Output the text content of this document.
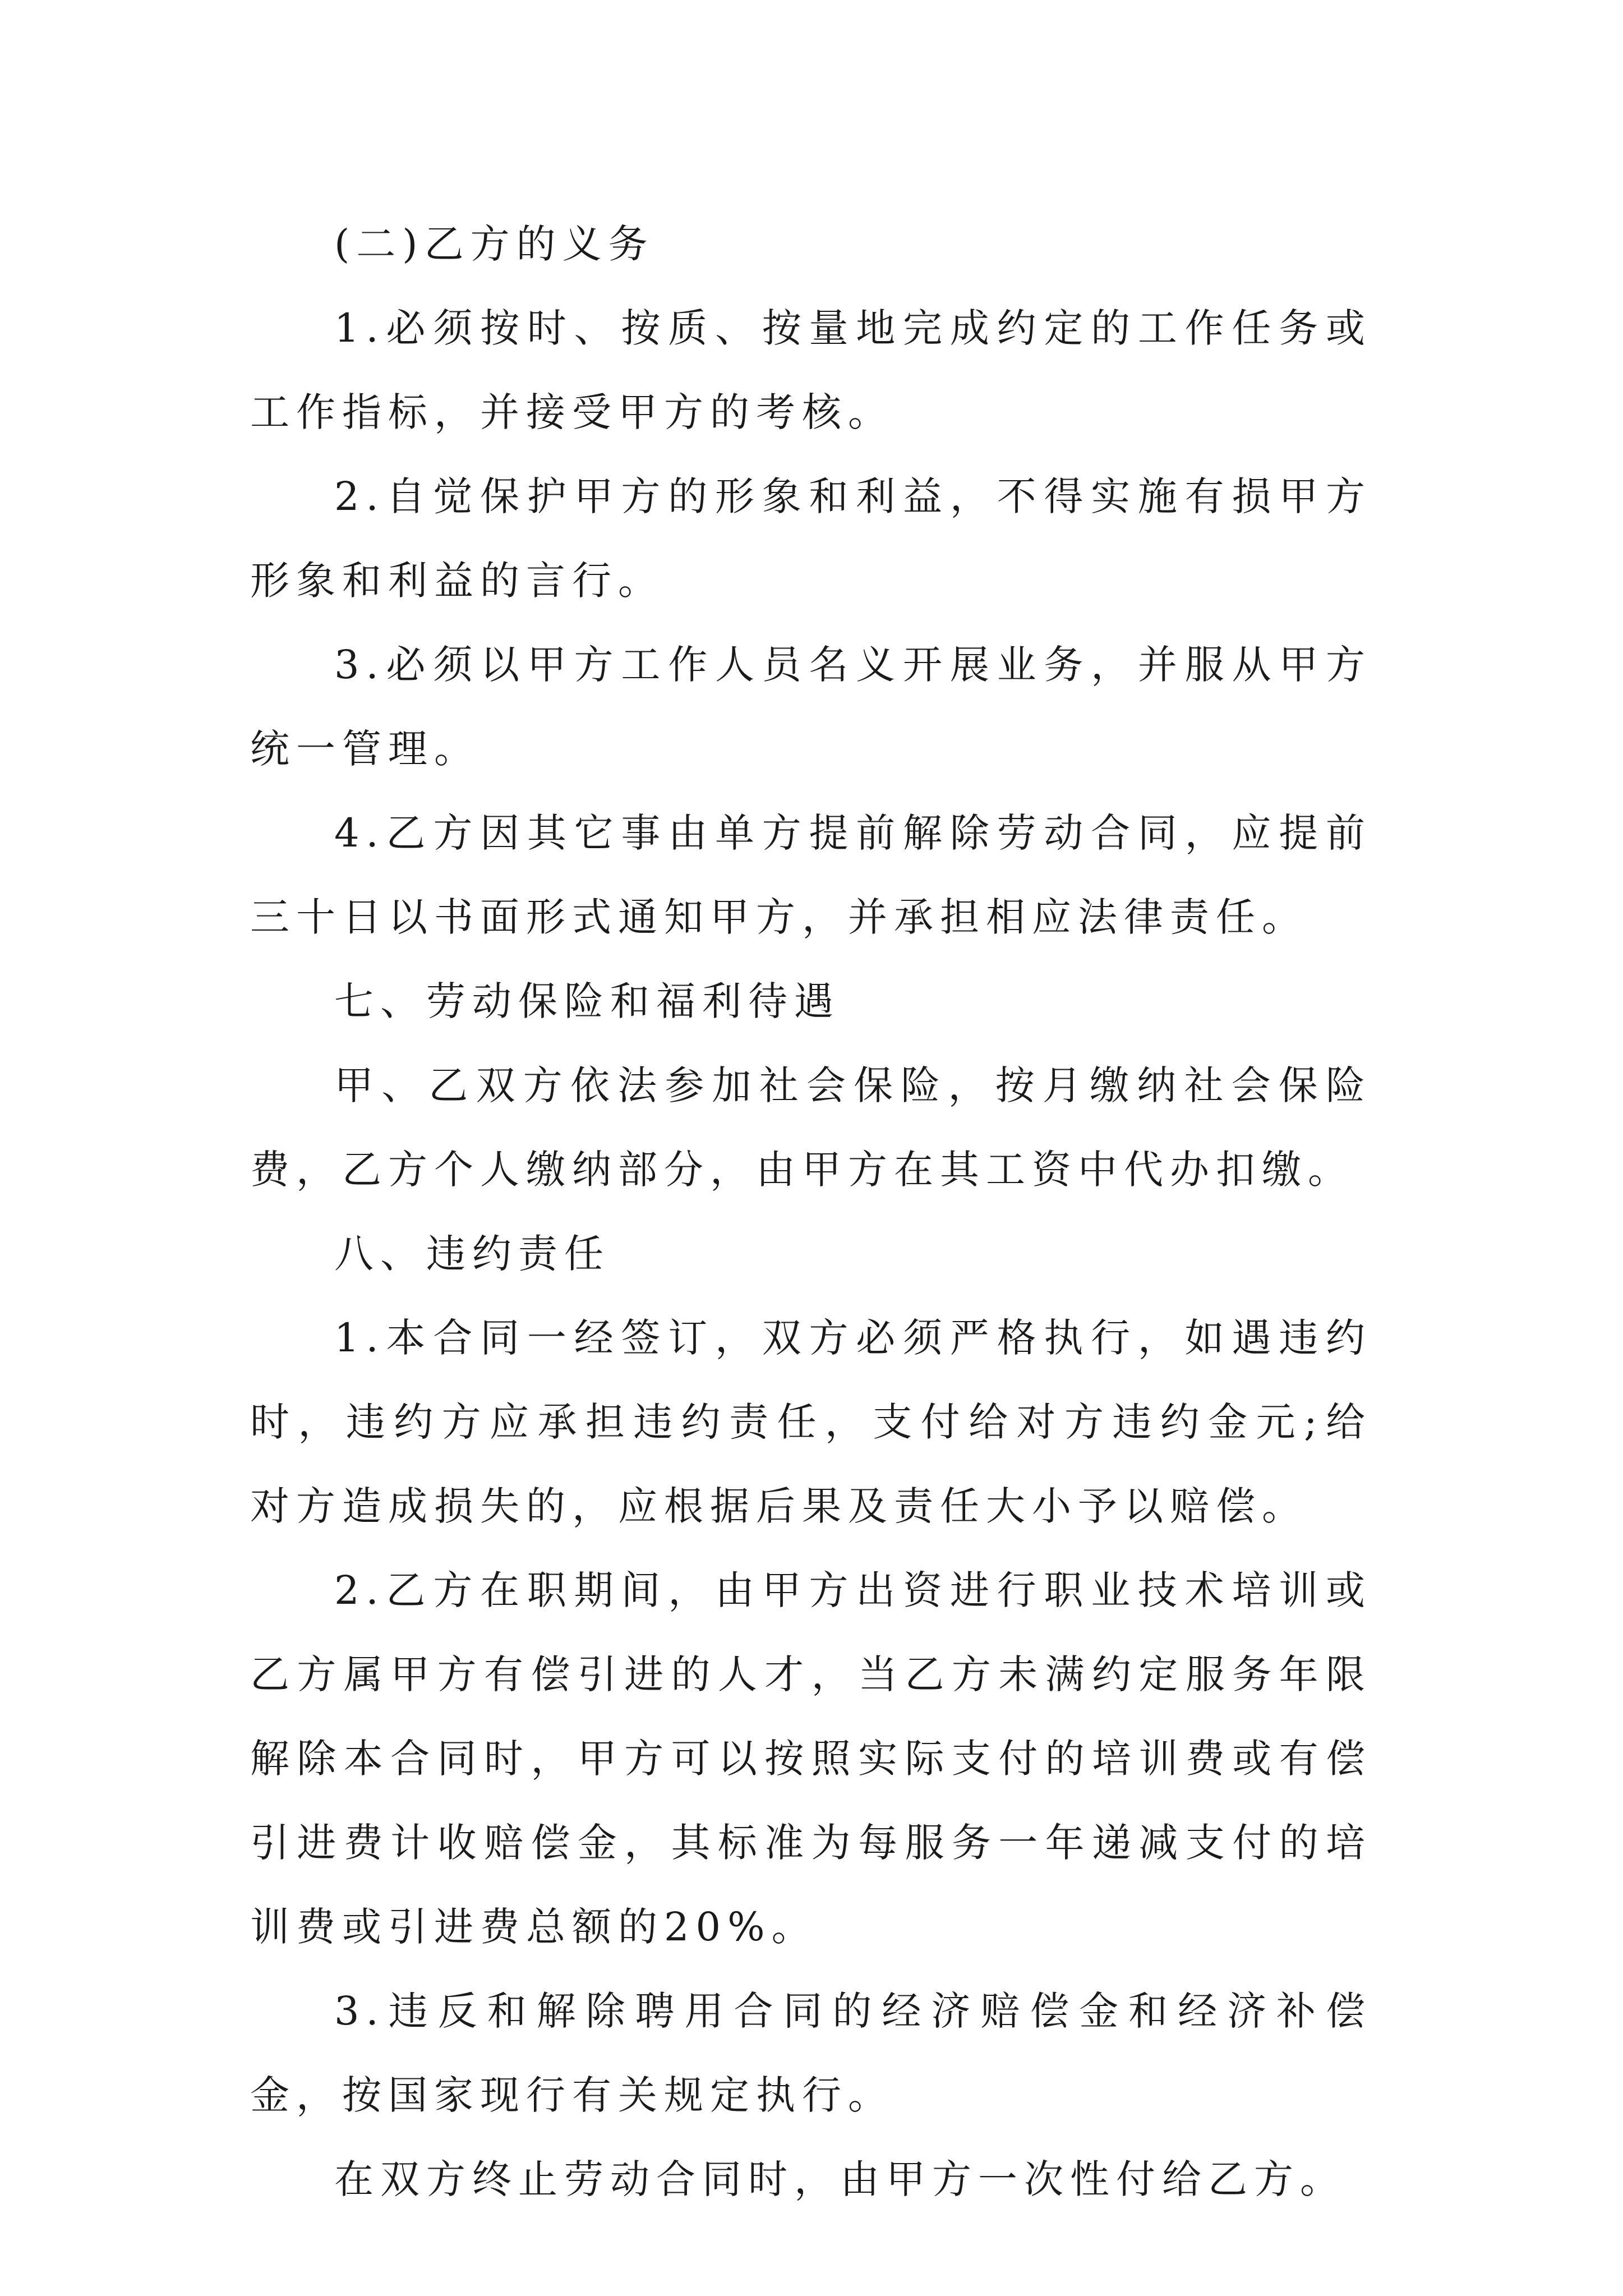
(二)乙方的义务

1.必须按时、按质、按量地完成约定的工作任务或工作指标，并接受甲方的考核。

2.自觉保护甲方的形象和利益，不得实施有损甲方形象和利益的言行。

3.必须以甲方工作人员名义开展业务，并服从甲方统一管理。

4.乙方因其它事由单方提前解除劳动合同，应提前三十日以书面形式通知甲方，并承担相应法律责任。

七、劳动保险和福利待遇

甲、乙双方依法参加社会保险，按月缴纳社会保险费，乙方个人缴纳部分，由甲方在其工资中代办扣缴。

八、违约责任

1.本合同一经签订，双方必须严格执行，如遇违约时，违约方应承担违约责任，支付给对方违约金元;给对方造成损失的，应根据后果及责任大小予以赔偿。

2.乙方在职期间，由甲方出资进行职业技术培训或乙方属甲方有偿引进的人才，当乙方未满约定服务年限解除本合同时，甲方可以按照实际支付的培训费或有偿引进费计收赔偿金，其标准为每服务一年递减支付的培训费或引进费总额的20%。

3.违反和解除聘用合同的经济赔偿金和经济补偿金，按国家现行有关规定执行。

在双方终止劳动合同时，由甲方一次性付给乙方。
